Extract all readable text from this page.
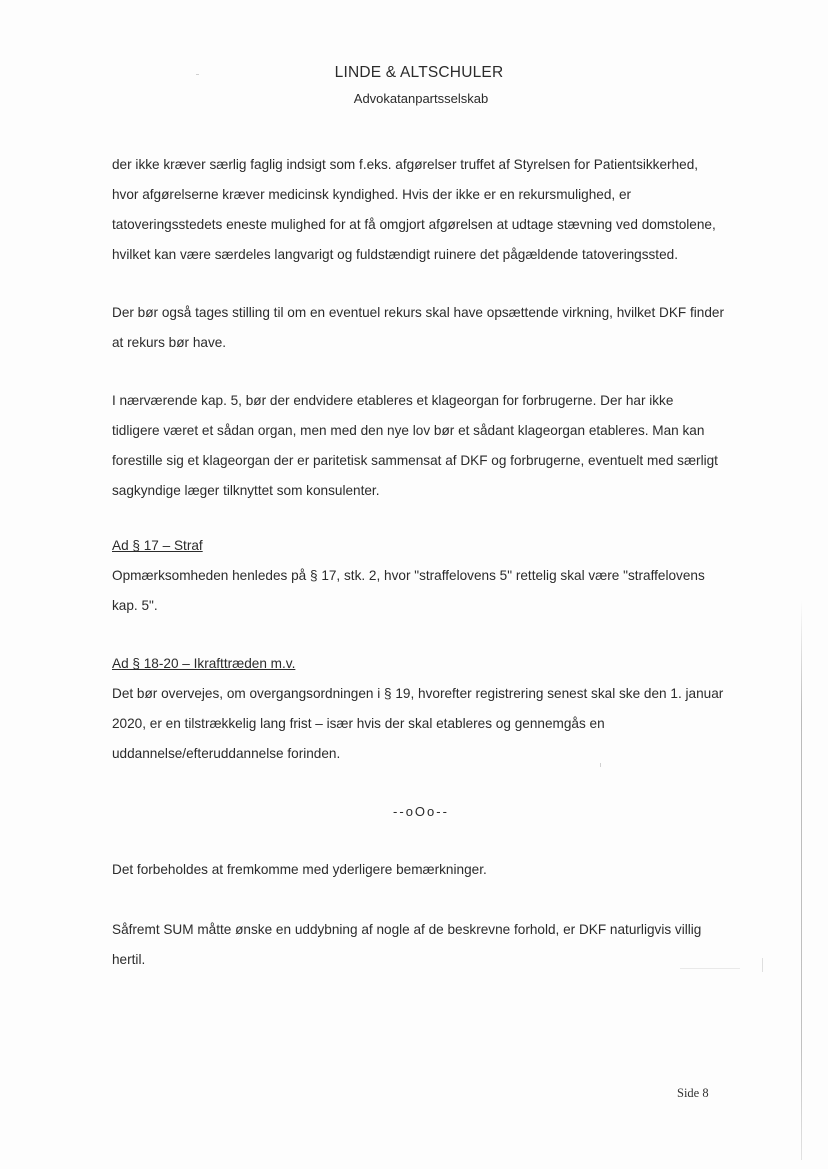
LINDE & ALTSCHULER
Advokatanpartsselskab

der ikke kræver særlig faglig indsigt som f.eks. afgørelser truffet af Styrelsen for Patientsikkerhed, hvor afgørelserne kræver medicinsk kyndighed. Hvis der ikke er en rekursmulighed, er tatoveringsstedets eneste mulighed for at få omgjort afgørelsen at udtage stævning ved domstolene, hvilket kan være særdeles langvarigt og fuldstændigt ruinere det pågældende tatoveringssted.

Der bør også tages stilling til om en eventuel rekurs skal have opsættende virkning, hvilket DKF finder at rekurs bør have.

I nærværende kap. 5, bør der endvidere etableres et klageorgan for forbrugerne. Der har ikke tidligere været et sådan organ, men med den nye lov bør et sådant klageorgan etableres. Man kan forestille sig et klageorgan der er paritetisk sammensat af DKF og forbrugerne, eventuelt med særligt sagkyndige læger tilknyttet som konsulenter.

Ad § 17 – Straf

Opmærksomheden henledes på § 17, stk. 2, hvor "straffelovens 5" rettelig skal være "straffelovens kap. 5".

Ad § 18-20 – Ikrafttræden m.v.

Det bør overvejes, om overgangsordningen i § 19, hvorefter registrering senest skal ske den 1. januar 2020, er en tilstrækkelig lang frist – især hvis der skal etableres og gennemgås en uddannelse/efteruddannelse forinden.

--oOo--

Det forbeholdes at fremkomme med yderligere bemærkninger.

Såfremt SUM måtte ønske en uddybning af nogle af de beskrevne forhold, er DKF naturligvis villig hertil.

Side 8
